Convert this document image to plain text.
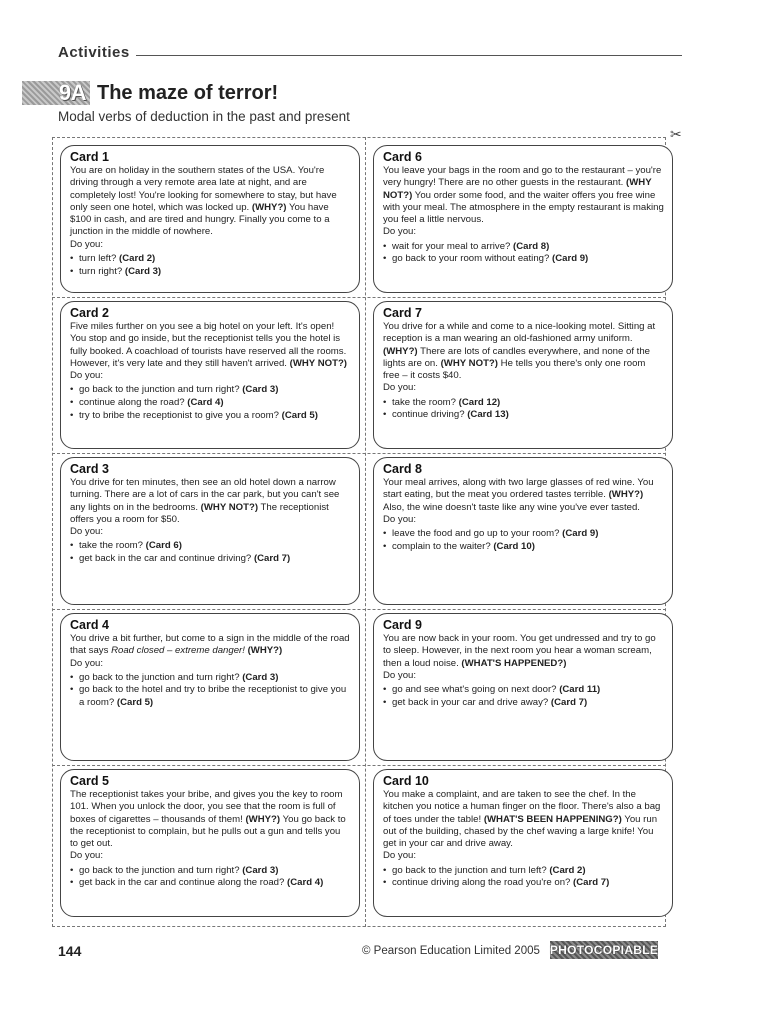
Activities
9A The maze of terror!
Modal verbs of deduction in the past and present
✂
Card 1

You are on holiday in the southern states of the USA. You're driving through a very remote area late at night, and are completely lost! You're looking for somewhere to stay, but have only seen one hotel, which was locked up. (WHY?) You have $100 in cash, and are tired and hungry. Finally you come to a junction in the middle of nowhere.

Do you:

• turn left? (Card 2)
• turn right? (Card 3)
Card 6

You leave your bags in the room and go to the restaurant – you're very hungry! There are no other guests in the restaurant. (WHY NOT?) You order some food, and the waiter offers you free wine with your meal. The atmosphere in the empty restaurant is making you feel a little nervous.

Do you:

• wait for your meal to arrive? (Card 8)
• go back to your room without eating? (Card 9)
Card 2

Five miles further on you see a big hotel on your left. It's open! You stop and go inside, but the receptionist tells you the hotel is fully booked. A coachload of tourists have reserved all the rooms. However, it's very late and they still haven't arrived. (WHY NOT?)

Do you:

• go back to the junction and turn right? (Card 3)
• continue along the road? (Card 4)
• try to bribe the receptionist to give you a room? (Card 5)
Card 7

You drive for a while and come to a nice-looking motel. Sitting at reception is a man wearing an old-fashioned army uniform. (WHY?) There are lots of candles everywhere, and none of the lights are on. (WHY NOT?) He tells you there's only one room free – it costs $40.

Do you:

• take the room? (Card 12)
• continue driving? (Card 13)
Card 3

You drive for ten minutes, then see an old hotel down a narrow turning. There are a lot of cars in the car park, but you can't see any lights on in the bedrooms. (WHY NOT?) The receptionist offers you a room for $50.

Do you:

• take the room? (Card 6)
• get back in the car and continue driving? (Card 7)
Card 8

Your meal arrives, along with two large glasses of red wine. You start eating, but the meat you ordered tastes terrible. (WHY?) Also, the wine doesn't taste like any wine you've ever tasted.

Do you:

• leave the food and go up to your room? (Card 9)
• complain to the waiter? (Card 10)
Card 4

You drive a bit further, but come to a sign in the middle of the road that says Road closed – extreme danger! (WHY?)

Do you:

• go back to the junction and turn right? (Card 3)
• go back to the hotel and try to bribe the receptionist to give you a room? (Card 5)
Card 9

You are now back in your room. You get undressed and try to go to sleep. However, in the next room you hear a woman scream, then a loud noise. (WHAT'S HAPPENED?)

Do you:

• go and see what's going on next door? (Card 11)
• get back in your car and drive away? (Card 7)
Card 5

The receptionist takes your bribe, and gives you the key to room 101. When you unlock the door, you see that the room is full of boxes of cigarettes – thousands of them! (WHY?) You go back to the receptionist to complain, but he pulls out a gun and tells you to get out.

Do you:

• go back to the junction and turn right? (Card 3)
• get back in the car and continue along the road? (Card 4)
Card 10

You make a complaint, and are taken to see the chef. In the kitchen you notice a human finger on the floor. There's also a bag of toes under the table! (WHAT'S BEEN HAPPENING?) You run out of the building, chased by the chef waving a large knife! You get in your car and drive away.

Do you:

• go back to the junction and turn left? (Card 2)
• continue driving along the road you're on? (Card 7)
144	© Pearson Education Limited 2005 PHOTOCOPIABLE
